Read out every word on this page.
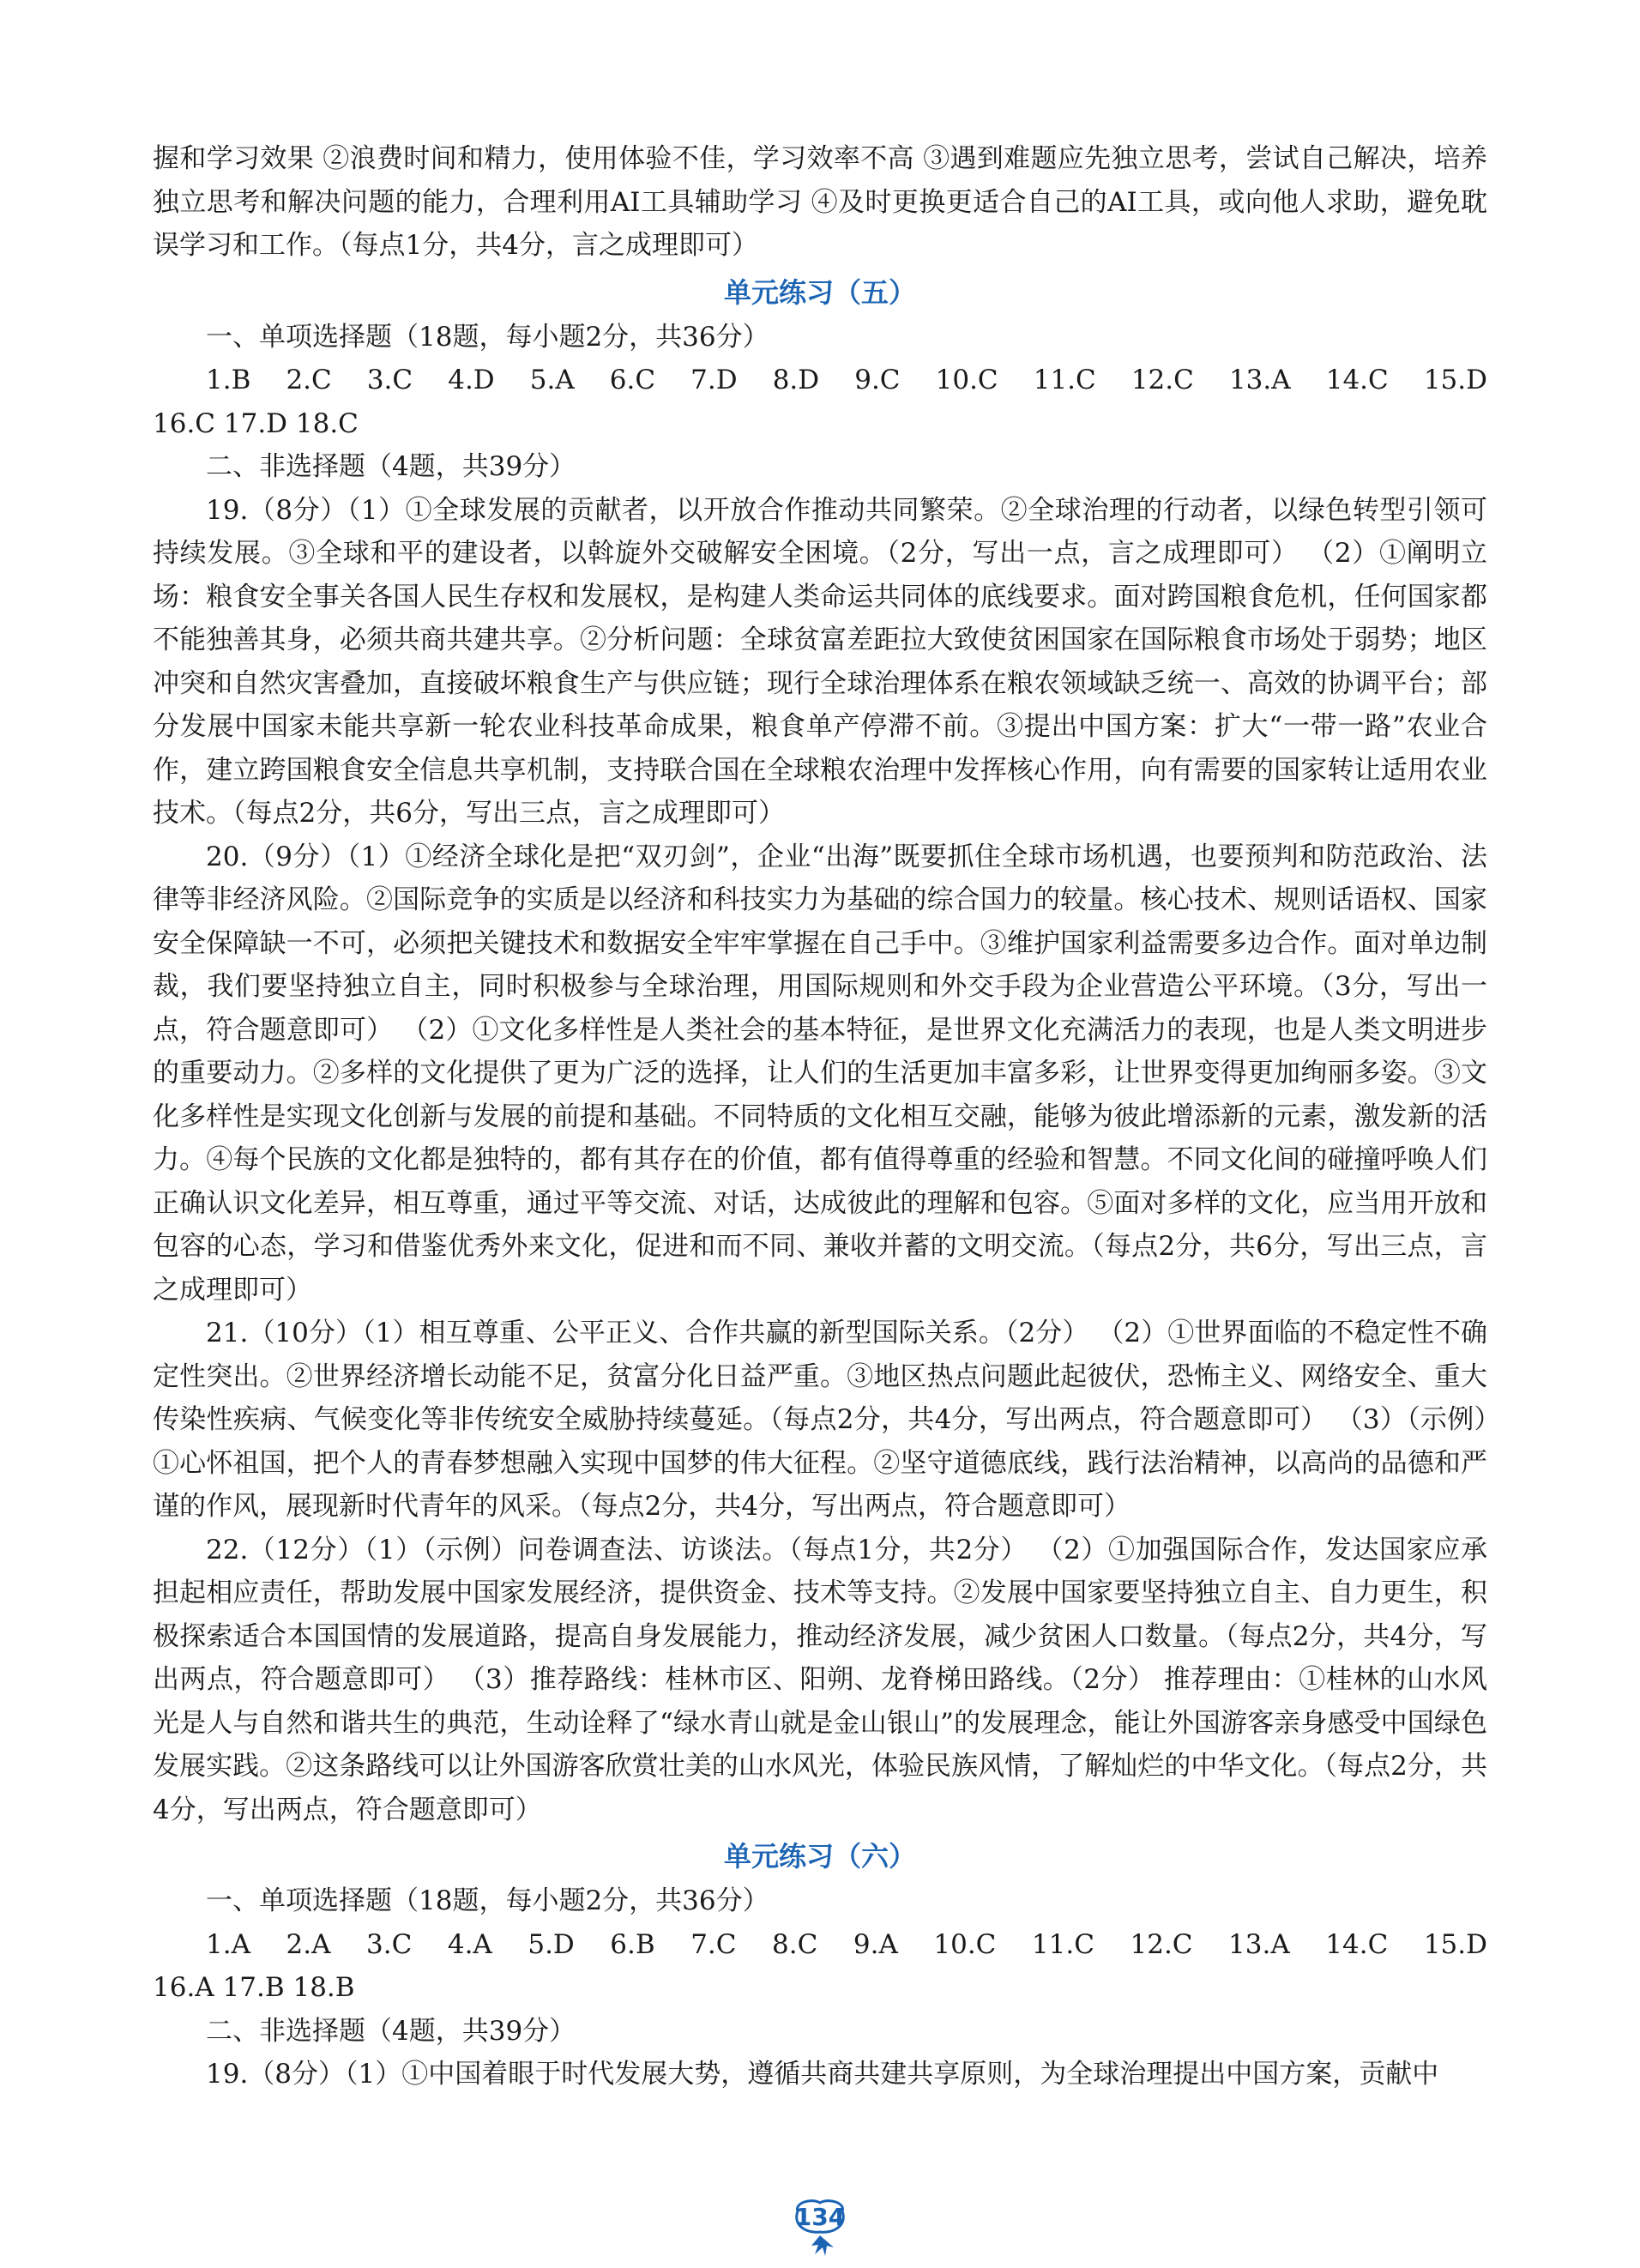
握和学习效果 ②浪费时间和精力，使用体验不佳，学习效率不高 ③遇到难题应先独立思考，尝试自己解决，培养独立思考和解决问题的能力，合理利用AI工具辅助学习 ④及时更换更适合自己的AI工具，或向他人求助，避免耽误学习和工作。（每点1分，共4分，言之成理即可）

单元练习（五）

一、单项选择题（18题，每小题2分，共36分）

1.B 2.C 3.C 4.D 5.A 6.C 7.D 8.D 9.C 10.C 11.C 12.C 13.A 14.C 15.D
16.C 17.D 18.C

二、非选择题（4题，共39分）

19.（8分）（1）①全球发展的贡献者，以开放合作推动共同繁荣。②全球治理的行动者，以绿色转型引领可持续发展。③全球和平的建设者，以斡旋外交破解安全困境。（2分，写出一点，言之成理即可） （2）①阐明立场：粮食安全事关各国人民生存权和发展权，是构建人类命运共同体的底线要求。面对跨国粮食危机，任何国家都不能独善其身，必须共商共建共享。②分析问题：全球贫富差距拉大致使贫困国家在国际粮食市场处于弱势；地区冲突和自然灾害叠加，直接破坏粮食生产与供应链；现行全球治理体系在粮农领域缺乏统一、高效的协调平台；部分发展中国家未能共享新一轮农业科技革命成果，粮食单产停滞不前。③提出中国方案：扩大“一带一路”农业合作，建立跨国粮食安全信息共享机制，支持联合国在全球粮农治理中发挥核心作用，向有需要的国家转让适用农业技术。（每点2分，共6分，写出三点，言之成理即可）

20.（9分）（1）①经济全球化是把“双刃剑”，企业“出海”既要抓住全球市场机遇，也要预判和防范政治、法律等非经济风险。②国际竞争的实质是以经济和科技实力为基础的综合国力的较量。核心技术、规则话语权、国家安全保障缺一不可，必须把关键技术和数据安全牢牢掌握在自己手中。③维护国家利益需要多边合作。面对单边制裁，我们要坚持独立自主，同时积极参与全球治理，用国际规则和外交手段为企业营造公平环境。（3分，写出一点，符合题意即可） （2）①文化多样性是人类社会的基本特征，是世界文化充满活力的表现，也是人类文明进步的重要动力。②多样的文化提供了更为广泛的选择，让人们的生活更加丰富多彩，让世界变得更加绚丽多姿。③文化多样性是实现文化创新与发展的前提和基础。不同特质的文化相互交融，能够为彼此增添新的元素，激发新的活力。④每个民族的文化都是独特的，都有其存在的价值，都有值得尊重的经验和智慧。不同文化间的碰撞呼唤人们正确认识文化差异，相互尊重，通过平等交流、对话，达成彼此的理解和包容。⑤面对多样的文化，应当用开放和包容的心态，学习和借鉴优秀外来文化，促进和而不同、兼收并蓄的文明交流。（每点2分，共6分，写出三点，言之成理即可）

21.（10分）（1）相互尊重、公平正义、合作共赢的新型国际关系。（2分） （2）①世界面临的不稳定性不确定性突出。②世界经济增长动能不足，贫富分化日益严重。③地区热点问题此起彼伏，恐怖主义、网络安全、重大传染性疾病、气候变化等非传统安全威胁持续蔓延。（每点2分，共4分，写出两点，符合题意即可） （3）（示例）①心怀祖国，把个人的青春梦想融入实现中国梦的伟大征程。②坚守道德底线，践行法治精神，以高尚的品德和严谨的作风，展现新时代青年的风采。（每点2分，共4分，写出两点，符合题意即可）

22.（12分）（1）（示例）问卷调查法、访谈法。（每点1分，共2分） （2）①加强国际合作，发达国家应承担起相应责任，帮助发展中国家发展经济，提供资金、技术等支持。②发展中国家要坚持独立自主、自力更生，积极探索适合本国国情的发展道路，提高自身发展能力，推动经济发展，减少贫困人口数量。（每点2分，共4分，写出两点，符合题意即可） （3）推荐路线：桂林市区、阳朔、龙脊梯田路线。（2分） 推荐理由：①桂林的山水风光是人与自然和谐共生的典范，生动诠释了“绿水青山就是金山银山”的发展理念，能让外国游客亲身感受中国绿色发展实践。②这条路线可以让外国游客欣赏壮美的山水风光，体验民族风情，了解灿烂的中华文化。（每点2分，共4分，写出两点，符合题意即可）

单元练习（六）

一、单项选择题（18题，每小题2分，共36分）

1.A 2.A 3.C 4.A 5.D 6.B 7.C 8.C 9.A 10.C 11.C 12.C 13.A 14.C 15.D
16.A 17.B 18.B

二、非选择题（4题，共39分）

19.（8分）（1）①中国着眼于时代发展大势，遵循共商共建共享原则，为全球治理提出中国方案，贡献中

134
